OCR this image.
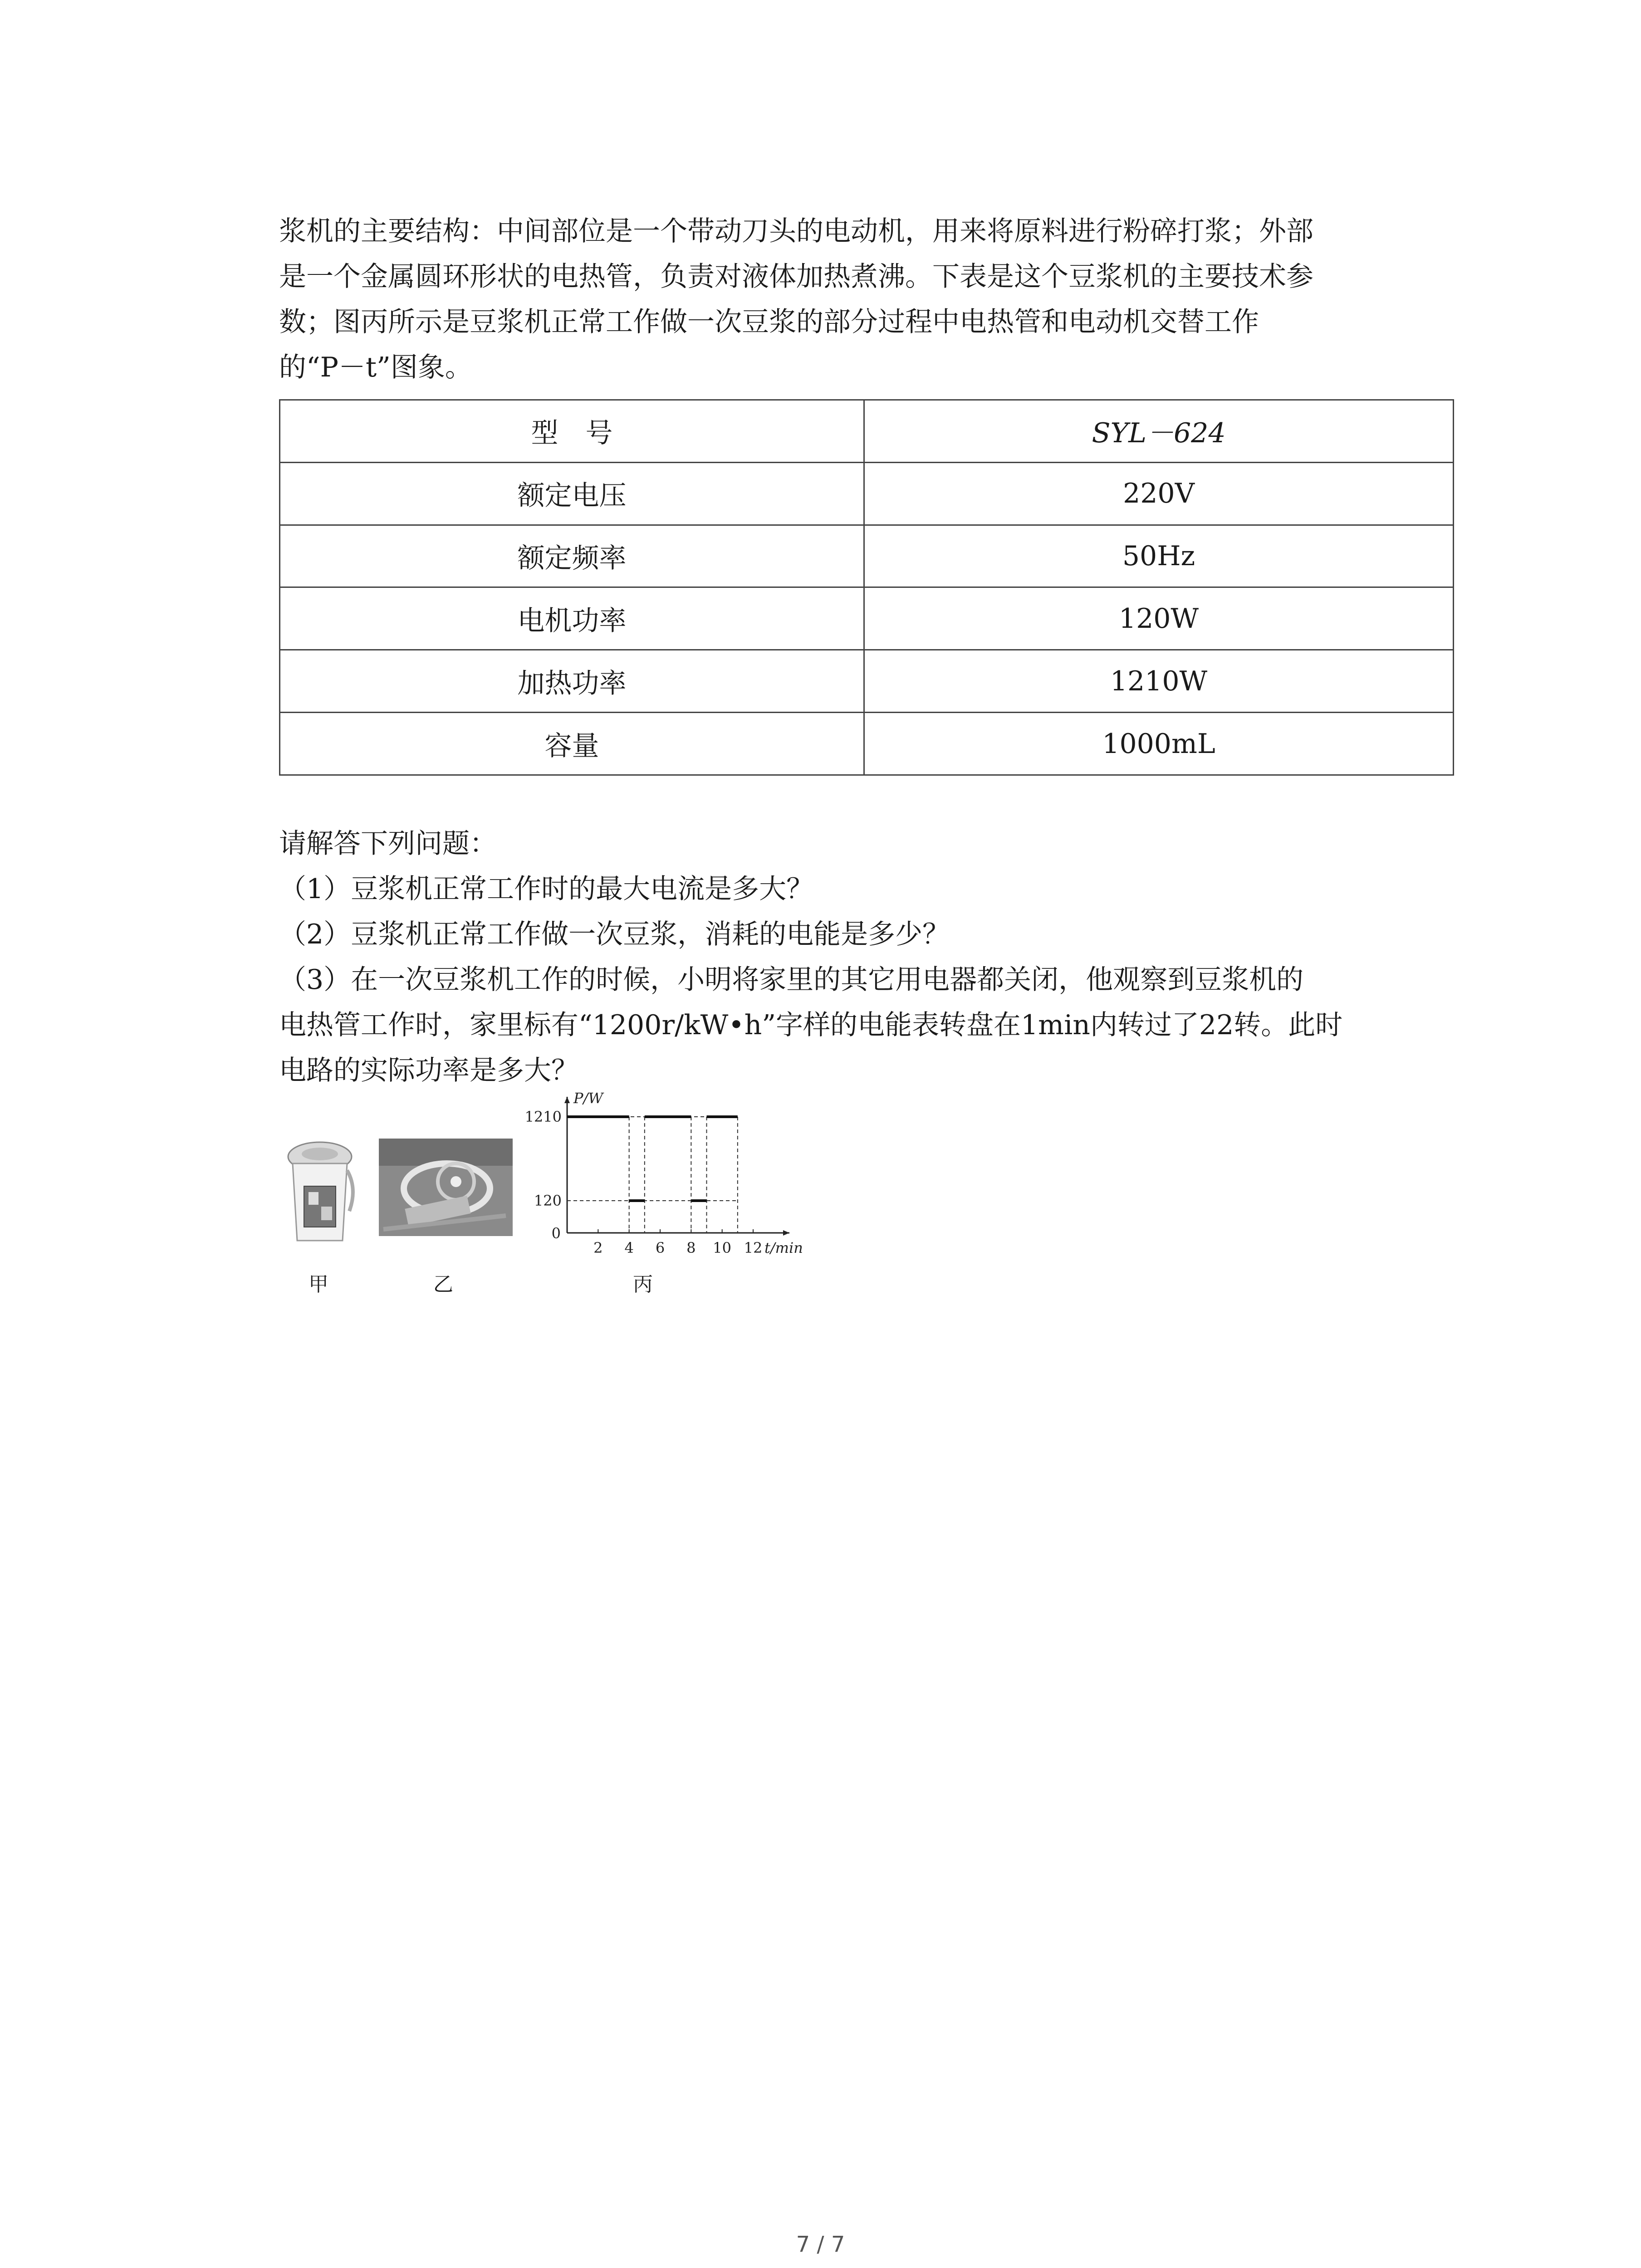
浆机的主要结构：中间部位是一个带动刀头的电动机，用来将原料进行粉碎打浆；外部
是一个金属圆环形状的电热管，负责对液体加热煮沸。下表是这个豆浆机的主要技术参
数；图丙所示是豆浆机正常工作做一次豆浆的部分过程中电热管和电动机交替工作
的“P－t”图象。
型　号	SYL－624
额定电压	220V
额定频率	50Hz
电机功率	120W
加热功率	1210W
容量	1000mL
请解答下列问题：
（1）豆浆机正常工作时的最大电流是多大？
（2）豆浆机正常工作做一次豆浆，消耗的电能是多少？
（3）在一次豆浆机工作的时候，小明将家里的其它用电器都关闭，他观察到豆浆机的
电热管工作时，家里标有“1200r/kW•h”字样的电能表转盘在1min内转过了22转。此时
电路的实际功率是多大？
2 4 6 8 10 12
1210
120
0
P/W
t/min
甲	乙	丙
7 / 7
